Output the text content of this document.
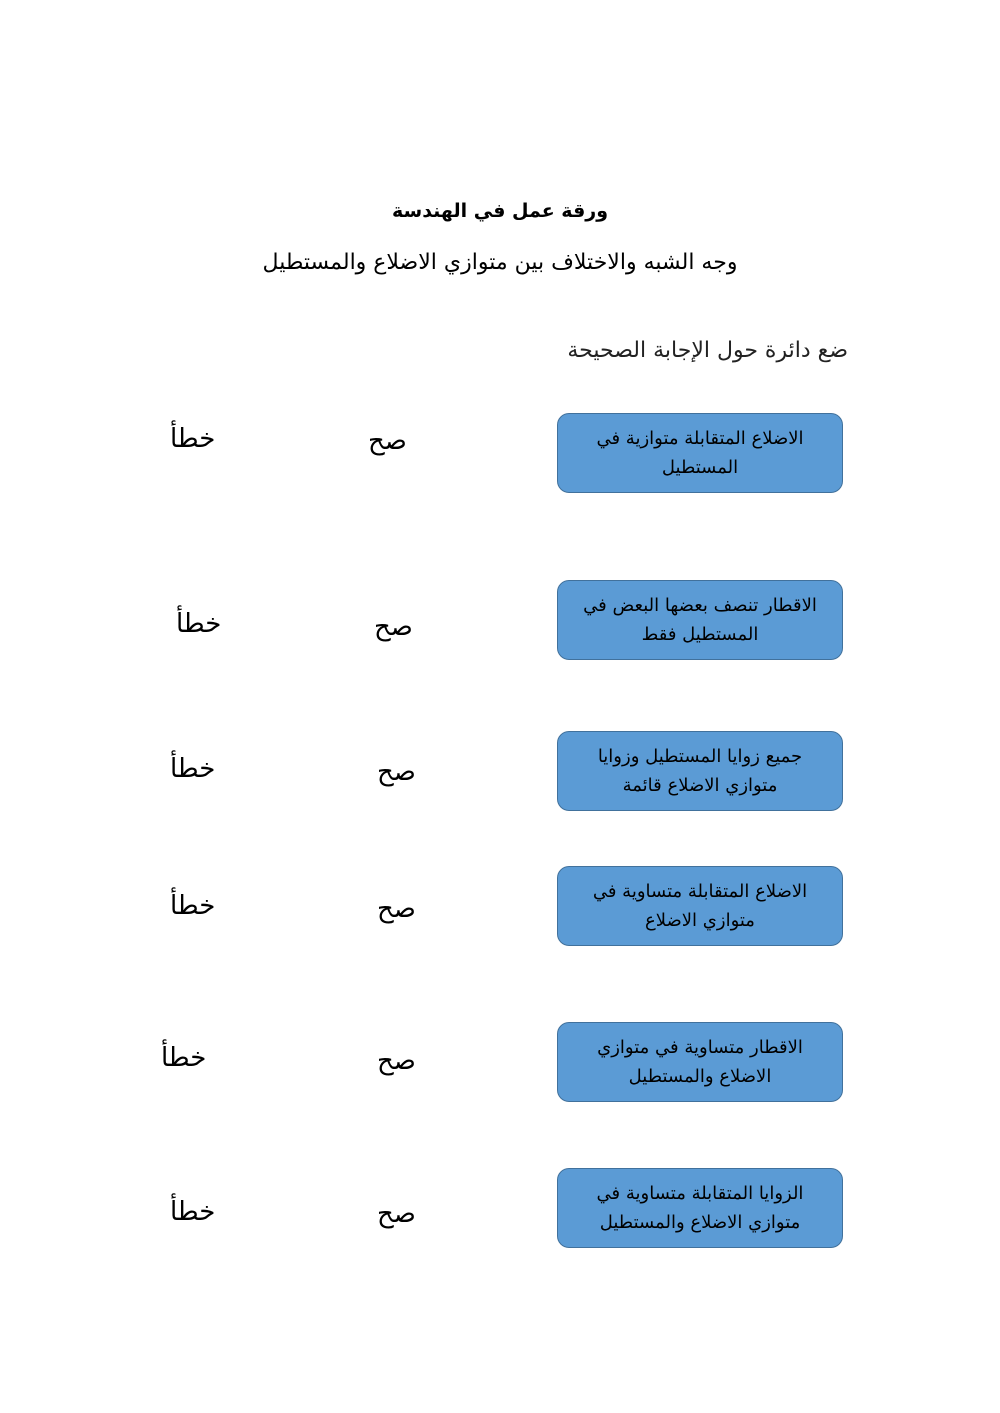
ورقة عمل في الهندسة
وجه الشبه والاختلاف بين متوازي الاضلاع والمستطيل
ضع دائرة حول الإجابة الصحيحة
الاضلاع المتقابلة متوازية في المستطيل
صح
خطأ
الاقطار تنصف بعضها البعض في المستطيل فقط
صح
خطأ
جميع زوايا المستطيل وزوايا متوازي الاضلاع قائمة
صح
خطأ
الاضلاع المتقابلة متساوية في متوازي الاضلاع
صح
خطأ
الاقطار متساوية في متوازي الاضلاع والمستطيل
صح
خطأ
الزوايا المتقابلة متساوية في متوازي الاضلاع والمستطيل
صح
خطأ
